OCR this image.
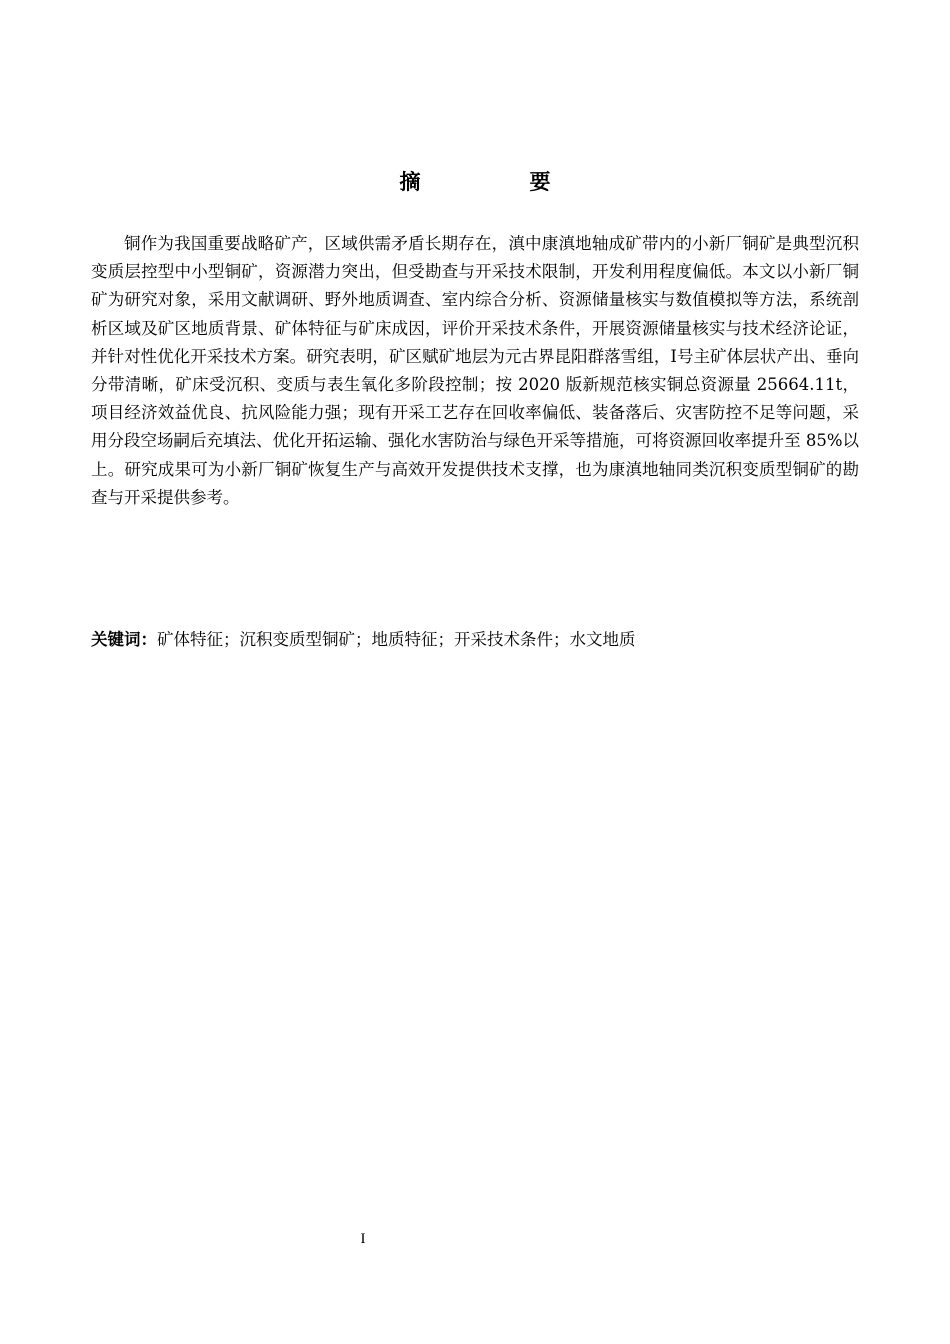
摘　要

铜作为我国重要战略矿产，区域供需矛盾长期存在，滇中康滇地轴成矿带内的小新厂铜矿是典型沉积变质层控型中小型铜矿，资源潜力突出，但受勘查与开采技术限制，开发利用程度偏低。本文以小新厂铜矿为研究对象，采用文献调研、野外地质调查、室内综合分析、资源储量核实与数值模拟等方法，系统剖析区域及矿区地质背景、矿体特征与矿床成因，评价开采技术条件，开展资源储量核实与技术经济论证，并针对性优化开采技术方案。研究表明，矿区赋矿地层为元古界昆阳群落雪组，Ⅰ号主矿体层状产出、垂向分带清晰，矿床受沉积、变质与表生氧化多阶段控制；按 2020 版新规范核实铜总资源量 25664.11t，项目经济效益优良、抗风险能力强；现有开采工艺存在回收率偏低、装备落后、灾害防控不足等问题，采用分段空场嗣后充填法、优化开拓运输、强化水害防治与绿色开采等措施，可将资源回收率提升至 85%以上。研究成果可为小新厂铜矿恢复生产与高效开发提供技术支撑，也为康滇地轴同类沉积变质型铜矿的勘查与开采提供参考。

关键词：矿体特征；沉积变质型铜矿；地质特征；开采技术条件；水文地质

I
